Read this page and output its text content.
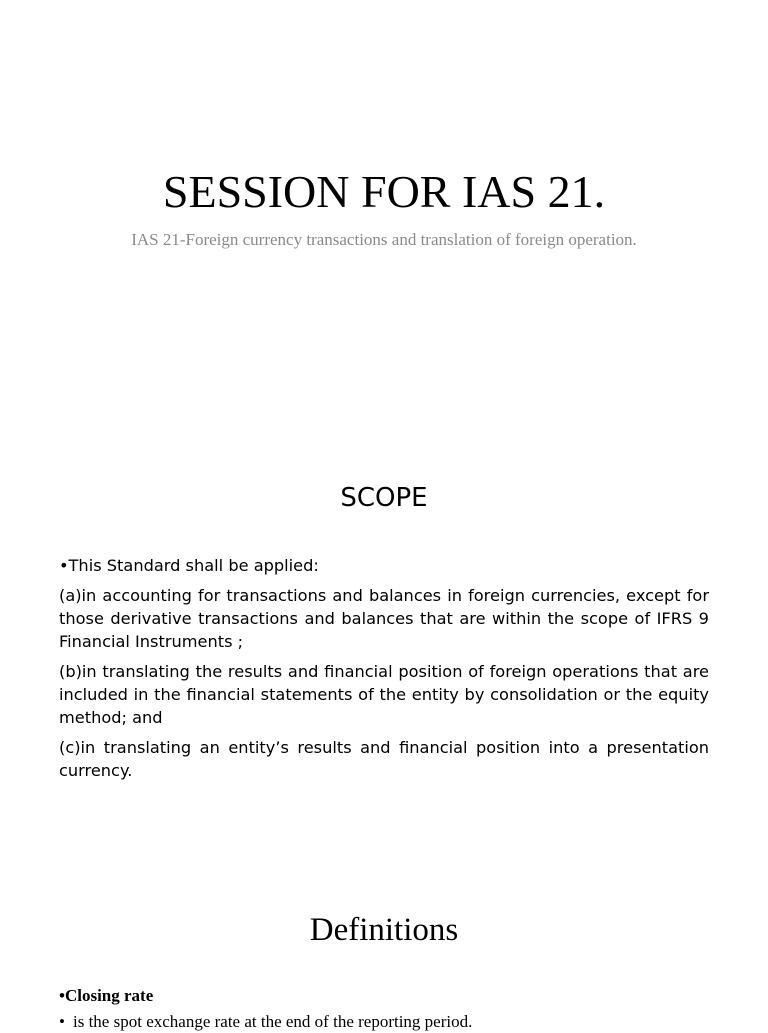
SESSION FOR IAS 21.

IAS 21-Foreign currency transactions and translation of foreign operation.

SCOPE

•This Standard shall be applied:

(a)in accounting for transactions and balances in foreign currencies, except for those derivative transactions and balances that are within the scope of IFRS 9 Financial Instruments ;

(b)in translating the results and financial position of foreign operations that are included in the financial statements of the entity by consolidation or the equity method; and

(c)in translating an entity’s results and financial position into a presentation currency.

Definitions

•Closing rate

• is the spot exchange rate at the end of the reporting period.
